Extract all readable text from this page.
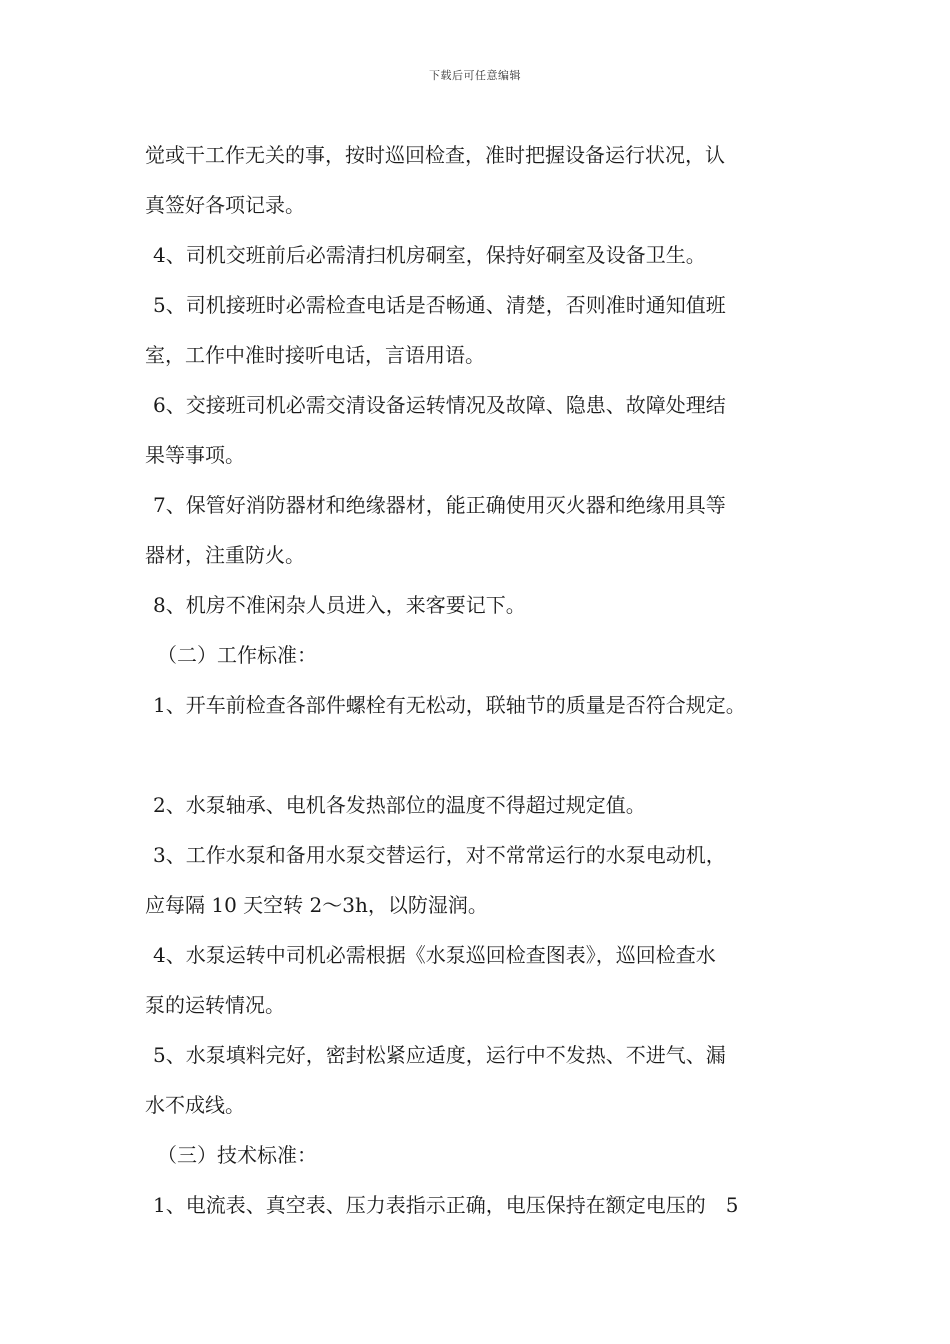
下载后可任意编辑
觉或干工作无关的事，按时巡回检查，准时把握设备运行状况，认
真签好各项记录。
4、司机交班前后必需清扫机房硐室，保持好硐室及设备卫生。
5、司机接班时必需检查电话是否畅通、清楚，否则准时通知值班
室，工作中准时接听电话，言语用语。
6、交接班司机必需交清设备运转情况及故障、隐患、故障处理结
果等事项。
7、保管好消防器材和绝缘器材，能正确使用灭火器和绝缘用具等
器材，注重防火。
8、机房不准闲杂人员进入，来客要记下。
（二）工作标准：
1、开车前检查各部件螺栓有无松动，联轴节的质量是否符合规定。
2、水泵轴承、电机各发热部位的温度不得超过规定值。
3、工作水泵和备用水泵交替运行，对不常常运行的水泵电动机，
应每隔 10 天空转 2～3h，以防湿润。
4、水泵运转中司机必需根据《水泵巡回检查图表》，巡回检查水
泵的运转情况。
5、水泵填料完好，密封松紧应适度，运行中不发热、不进气、漏
水不成线。
（三）技术标准：
1、电流表、真空表、压力表指示正确，电压保持在额定电压的　5
